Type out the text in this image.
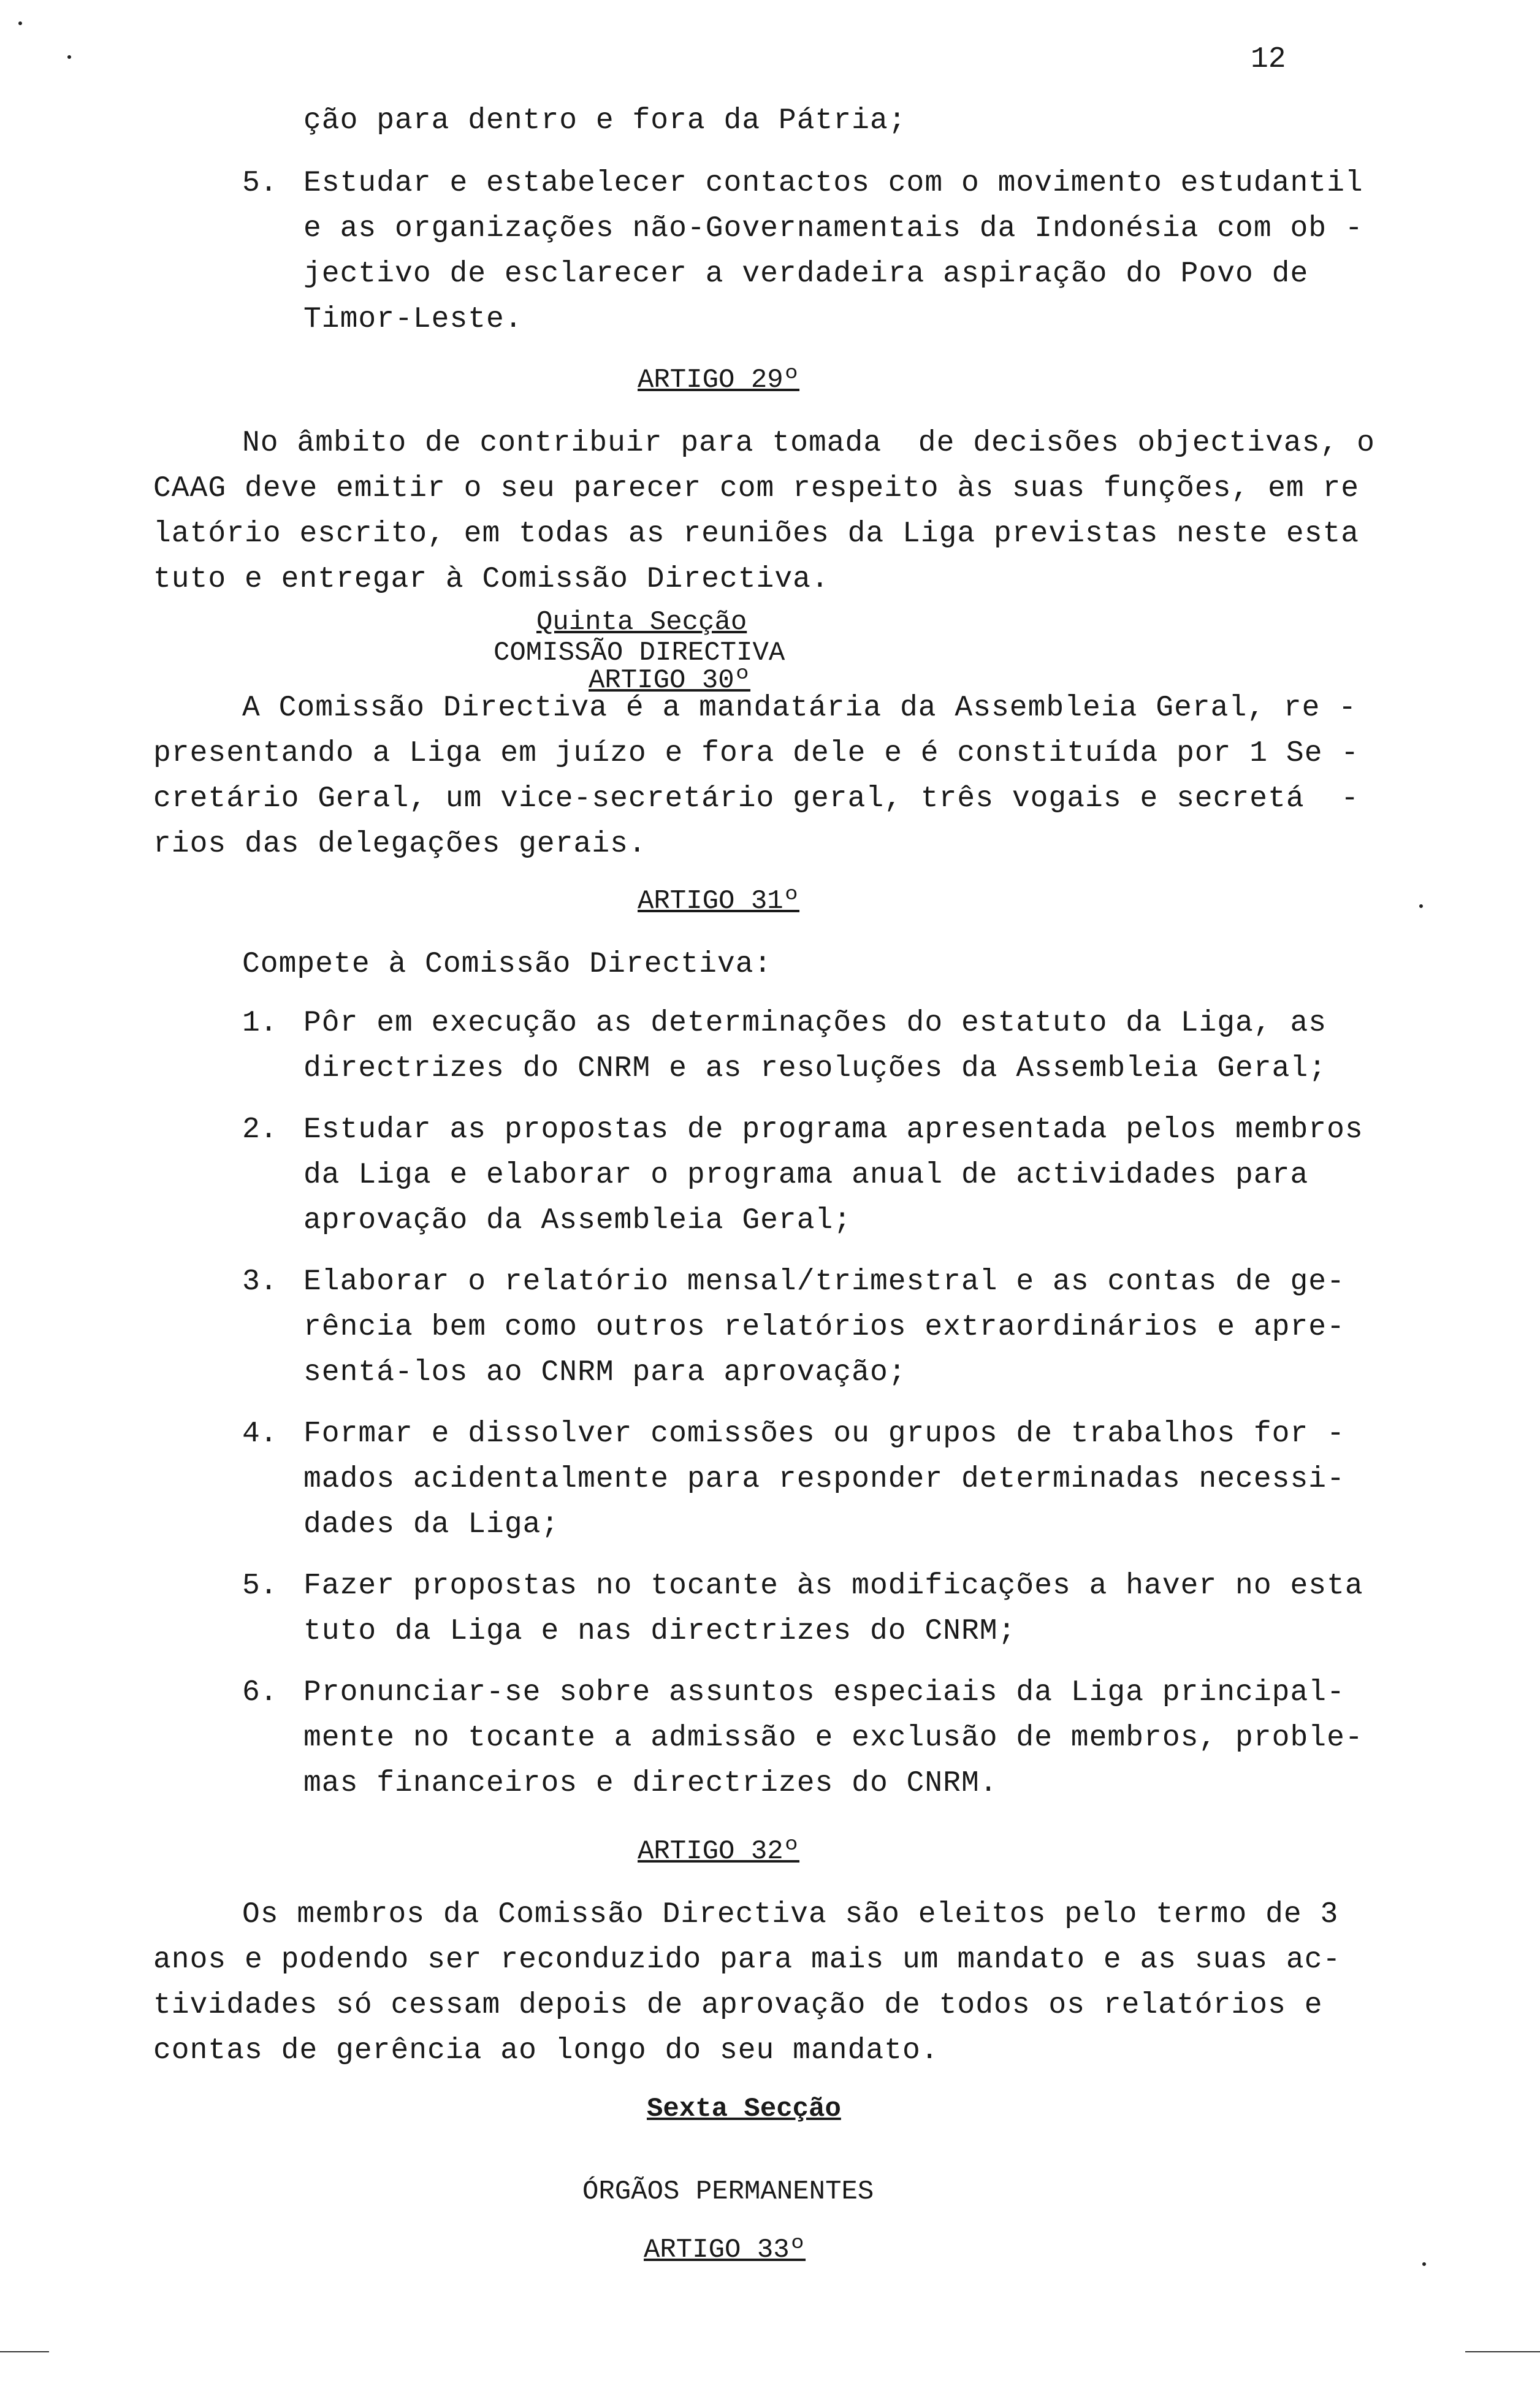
12
ção para dentro e fora da Pátria;
5. Estudar e estabelecer contactos com o movimento estudantil
e as organizações não-Governamentais da Indonésia com ob -
jectivo de esclarecer a verdadeira aspiração do Povo de
Timor-Leste.
ARTIGO 29º
No âmbito de contribuir para tomada  de decisões objectivas, o
CAAG deve emitir o seu parecer com respeito às suas funções, em re
latório escrito, em todas as reuniões da Liga previstas neste esta
tuto e entregar à Comissão Directiva.
Quinta Secção
COMISSÃO DIRECTIVA
ARTIGO 30º
A Comissão Directiva é a mandatária da Assembleia Geral, re -
presentando a Liga em juízo e fora dele e é constituída por 1 Se -
cretário Geral, um vice-secretário geral, três vogais e secretá  -
rios das delegações gerais.
ARTIGO 31º
Compete à Comissão Directiva:
1. Pôr em execução as determinações do estatuto da Liga, as
directrizes do CNRM e as resoluções da Assembleia Geral;
2. Estudar as propostas de programa apresentada pelos membros
da Liga e elaborar o programa anual de actividades para
aprovação da Assembleia Geral;
3. Elaborar o relatório mensal/trimestral e as contas de ge-
rência bem como outros relatórios extraordinários e apre-
sentá-los ao CNRM para aprovação;
4. Formar e dissolver comissões ou grupos de trabalhos for -
mados acidentalmente para responder determinadas necessi-
dades da Liga;
5. Fazer propostas no tocante às modificações a haver no esta
tuto da Liga e nas directrizes do CNRM;
6. Pronunciar-se sobre assuntos especiais da Liga principal-
mente no tocante a admissão e exclusão de membros, proble-
mas financeiros e directrizes do CNRM.
ARTIGO 32º
Os membros da Comissão Directiva são eleitos pelo termo de 3
anos e podendo ser reconduzido para mais um mandato e as suas ac-
tividades só cessam depois de aprovação de todos os relatórios e
contas de gerência ao longo do seu mandato.
Sexta Secção
ÓRGÃOS PERMANENTES
ARTIGO 33º
